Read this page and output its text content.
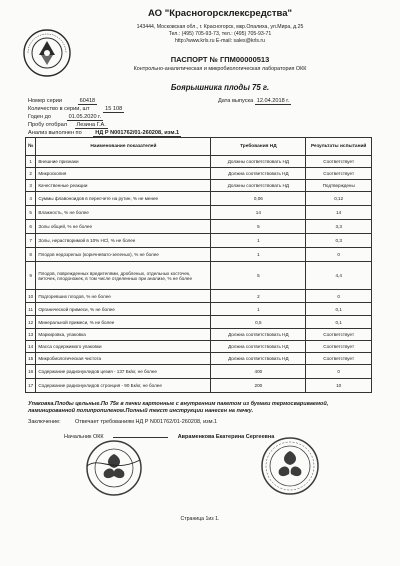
АО "Красногорсклексредства"
143444, Московская обл., г. Красногорск, мкр.Опалиха, ул.Мира, д.25
Тел.: (495) 705-93-73, тел.: (495) 705-93-71
http://www.krls.ru E-mail: sales@krls.ru
ПАСПОРТ № ГПМ00000513
Контрольно-аналитическая и микробиологическая лаборатория ОКК
Боярышника плоды 75 г.
Номер серии	60418	Дата выпуска 12.04.2018 г.
Количество в серии, шт	15 108
Годен до	01.05.2020 г.
Пробу отобрал Лезина Г.А.
Анализ выполнен по НД Р N001762/01-260208, изм.1
№	Наименование показателей	Требования НД	Результаты испытаний
1	Внешние признаки	Должны соответствовать НД	Соответствует
2	Микроскопия	Должна соответствовать НД	Соответствует
3	Качественные реакции	Должны соответствовать НД	Подтверждены
4	Суммы флавоноидов в пересчете на рутин, % не менее	0,06	0,12
5	Влажность, % не более	14	14
6	Золы общей, % не более	5	3,3
7	Золы, нерастворимой в 10% HCl, % не более	1	0,3
8	Плодов недозрелых (коричневато-зеленых), % не более	1	0
9	Плодов, поврежденных вредителями, дробленых, отдельных косточек, веточек, плодоножек, в том числе отделенных при анализе, % не более	5	4,4
10	Подгоревших плодов, % не более	2	0
11	Органической примеси, % не более	1	0,1
12	Минеральной примеси, % не более	0,5	0,1
13	Маркировка, упаковка	Должна соответствовать НД	Соответствует
14	Масса содержимого упаковки	Должна соответствовать НД	Соответствует
15	Микробиологическая чистота	Должна соответствовать НД	Соответствует
16	Содержание радионуклидов цезия - 137 Бк/кг, не более	400	0
17	Содержание радионуклидов стронция - 90 Бк/кг, не более	200	10
Упаковка.Плоды цельные.По 75г в пачки картонные с внутренним пакетом из бумаги термосвариваемой, ламинированной полипропиленом.Полный текст инструкции нанесен на пачку.
Заключение:	Отвечает требованиям НД Р N001762/01-260208, изм.1
Начальник ОКК	Авраменкова Екатерина Сергеевна
Страница 1из 1.
